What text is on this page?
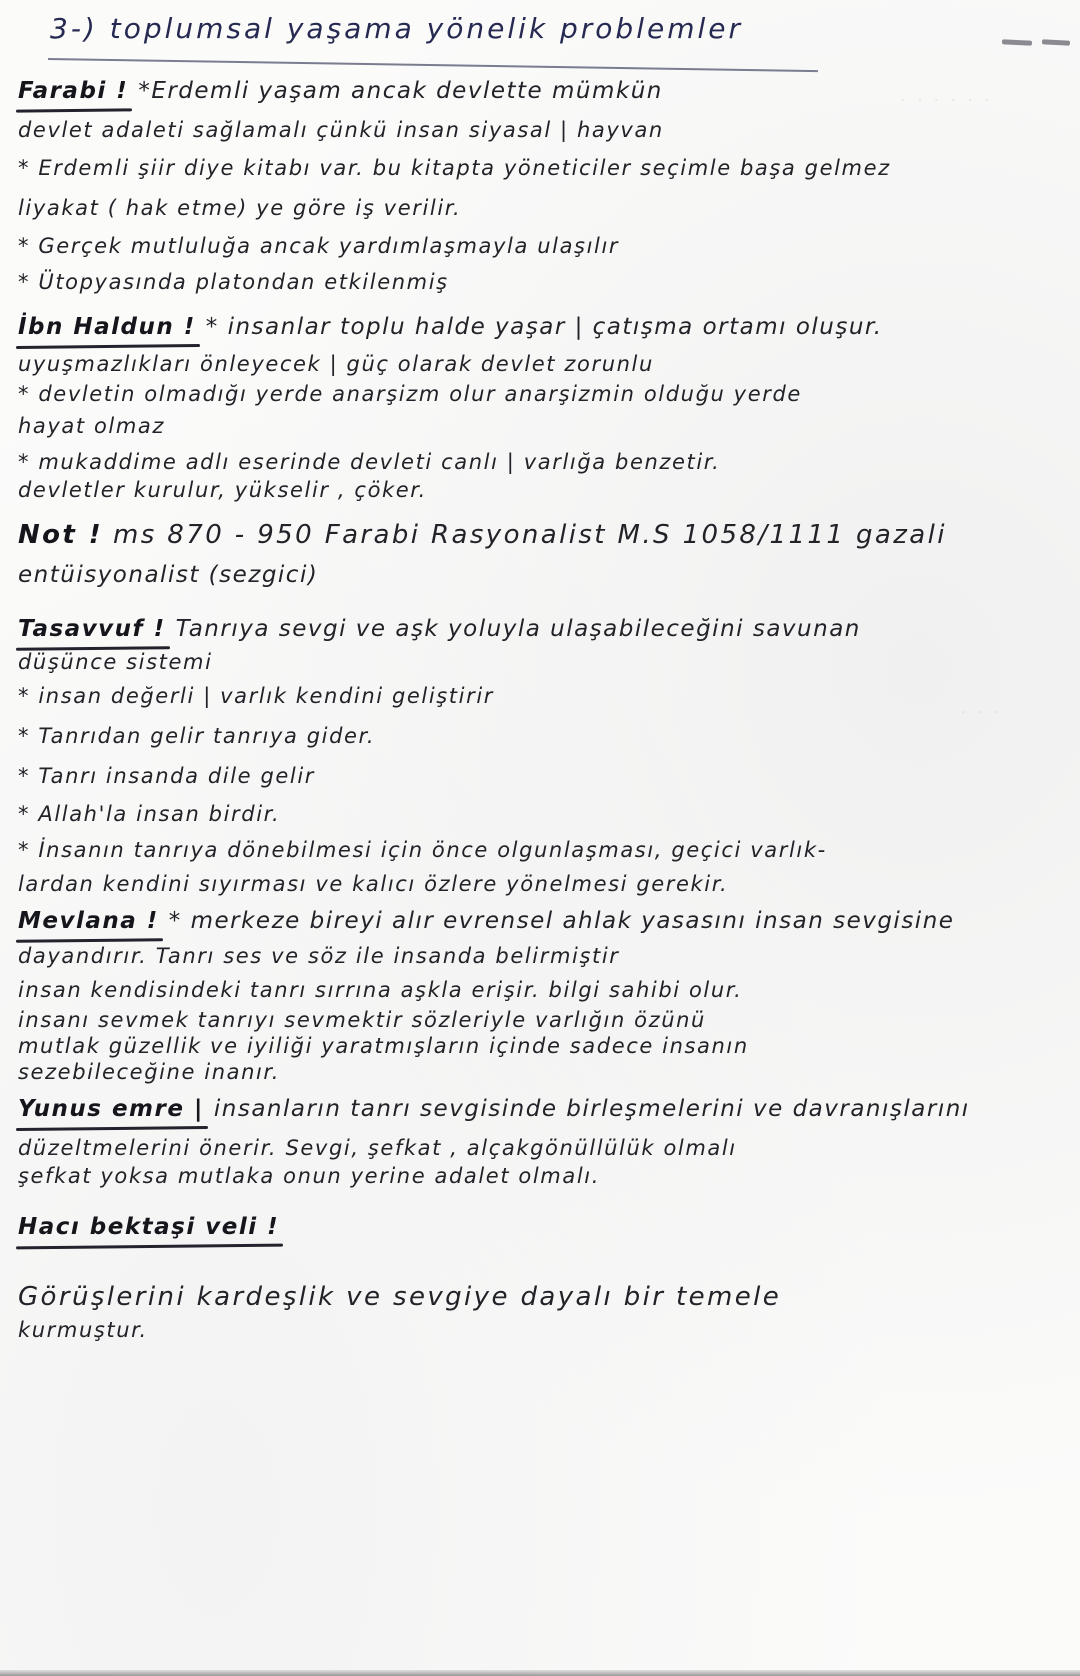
· · · · · ·
· · ·
3-) toplumsal yaşama yönelik problemler
Farabi ! *Erdemli yaşam ancak devlette mümkün
devlet adaleti sağlamalı çünkü insan siyasal | hayvan
* Erdemli şiir diye kitabı var. bu kitapta yöneticiler seçimle başa gelmez
liyakat ( hak etme) ye göre iş verilir.
* Gerçek mutluluğa ancak yardımlaşmayla ulaşılır
* Ütopyasında platondan etkilenmiş
İbn Haldun ! * insanlar toplu halde yaşar | çatışma ortamı oluşur.
uyuşmazlıkları önleyecek | güç olarak devlet zorunlu
* devletin olmadığı yerde anarşizm olur anarşizmin olduğu yerde
hayat olmaz
* mukaddime adlı eserinde devleti canlı | varlığa benzetir.
devletler kurulur, yükselir , çöker.
Not ! ms 870 - 950 Farabi Rasyonalist M.S 1058/1111 gazali
entüisyonalist (sezgici)
Tasavvuf ! Tanrıya sevgi ve aşk yoluyla ulaşabileceğini savunan
düşünce sistemi
* insan değerli | varlık kendini geliştirir
* Tanrıdan gelir tanrıya gider.
* Tanrı insanda dile gelir
* Allah'la insan birdir.
* İnsanın tanrıya dönebilmesi için önce olgunlaşması, geçici varlık-
lardan kendini sıyırması ve kalıcı özlere yönelmesi gerekir.
Mevlana ! * merkeze bireyi alır evrensel ahlak yasasını insan sevgisine
dayandırır. Tanrı ses ve söz ile insanda belirmiştir
insan kendisindeki tanrı sırrına aşkla erişir. bilgi sahibi olur.
insanı sevmek tanrıyı sevmektir sözleriyle varlığın özünü
mutlak güzellik ve iyiliği yaratmışların içinde sadece insanın
sezebileceğine inanır.
Yunus emre | insanların tanrı sevgisinde birleşmelerini ve davranışlarını
düzeltmelerini önerir. Sevgi, şefkat , alçakgönüllülük olmalı
şefkat yoksa mutlaka onun yerine adalet olmalı.
Hacı bektaşi veli !
Görüşlerini kardeşlik ve sevgiye dayalı bir temele
kurmuştur.
